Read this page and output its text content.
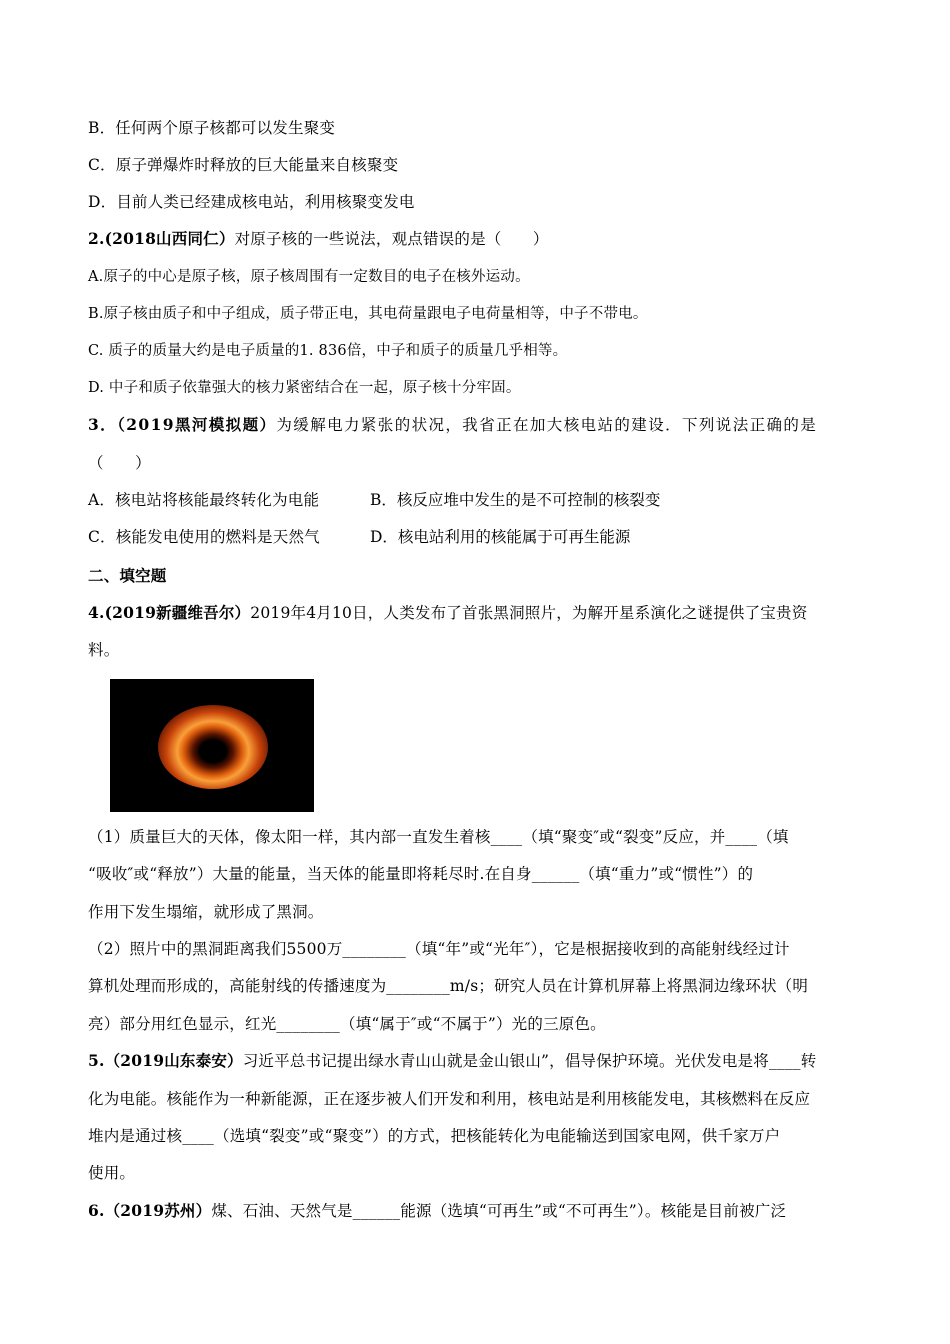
B．任何两个原子核都可以发生聚变
C．原子弹爆炸时释放的巨大能量来自核聚变
D．目前人类已经建成核电站，利用核聚变发电
2.(2018山西同仁）对原子核的一些说法，观点错误的是（　　）
A.原子的中心是原子核，原子核周围有一定数目的电子在核外运动。
B.原子核由质子和中子组成，质子带正电，其电荷量跟电子电荷量相等，中子不带电。
C. 质子的质量大约是电子质量的1. 836倍，中子和质子的质量几乎相等。
D. 中子和质子依靠强大的核力紧密结合在一起，原子核十分牢固。
3．（2019黑河模拟题）为缓解电力紧张的状况，我省正在加大核电站的建设．下列说法正确的是
（　　）
A．核电站将核能最终转化为电能	B．核反应堆中发生的是不可控制的核裂变
C．核能发电使用的燃料是天然气	D．核电站利用的核能属于可再生能源
二、填空题
4.(2019新疆维吾尔）2019年4月10日，人类发布了首张黑洞照片，为解开星系演化之谜提供了宝贵资
料。
（1）质量巨大的天体，像太阳一样，其内部一直发生着核____（填“聚变″或“裂变”反应，并____（填
“吸收″或“释放”）大量的能量，当天体的能量即将耗尽时.在自身______（填“重力”或“惯性”）的
作用下发生塌缩，就形成了黑洞。
（2）照片中的黑洞距离我们5500万________（填“年”或“光年″），它是根据接收到的高能射线经过计
算机处理而形成的，高能射线的传播速度为________m/s；研究人员在计算机屏幕上将黑洞边缘环状（明
亮）部分用红色显示，红光________（填“属于″或“不属于”）光的三原色。
5.（2019山东泰安）习近平总书记提出绿水青山山就是金山银山”，倡导保护环境。光伏发电是将____转
化为电能。核能作为一种新能源，正在逐步被人们开发和利用，核电站是利用核能发电，其核燃料在反应
堆内是通过核____（选填“裂变”或“聚变”）的方式，把核能转化为电能输送到国家电网，供千家万户
使用。
6.（2019苏州）煤、石油、天然气是______能源（选填“可再生”或“不可再生”）。核能是目前被广泛
